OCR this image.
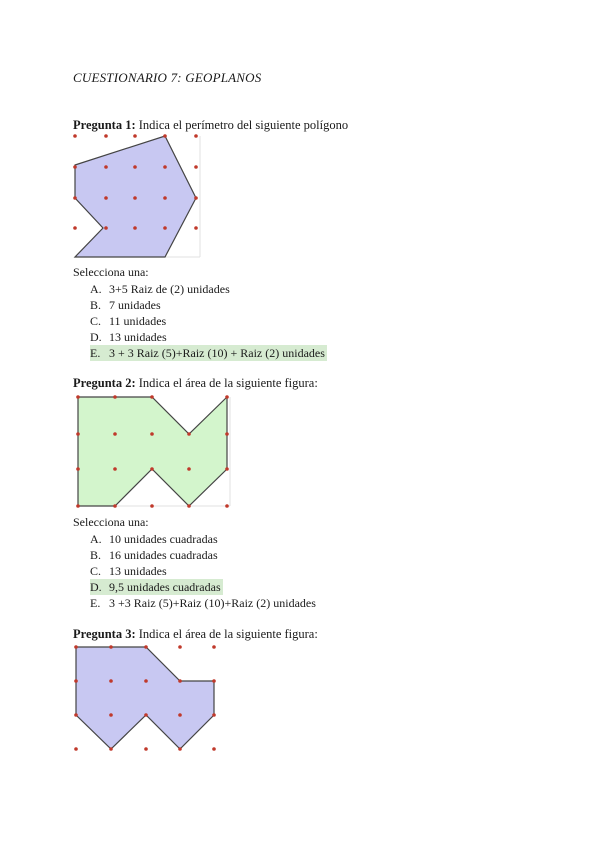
CUESTIONARIO 7: GEOPLANOS
Pregunta 1: Indica el perímetro del siguiente polígono
Selecciona una:
A. 3+5 Raiz de (2) unidades
B. 7 unidades
C. 11 unidades
D. 13 unidades
E. 3 + 3 Raiz (5)+Raiz (10) + Raiz (2) unidades
Pregunta 2: Indica el área de la siguiente figura:
Selecciona una:
A. 10 unidades cuadradas
B. 16 unidades cuadradas
C. 13 unidades
D. 9,5 unidades cuadradas
E. 3 +3 Raiz (5)+Raiz (10)+Raiz (2) unidades
Pregunta 3: Indica el área de la siguiente figura:
